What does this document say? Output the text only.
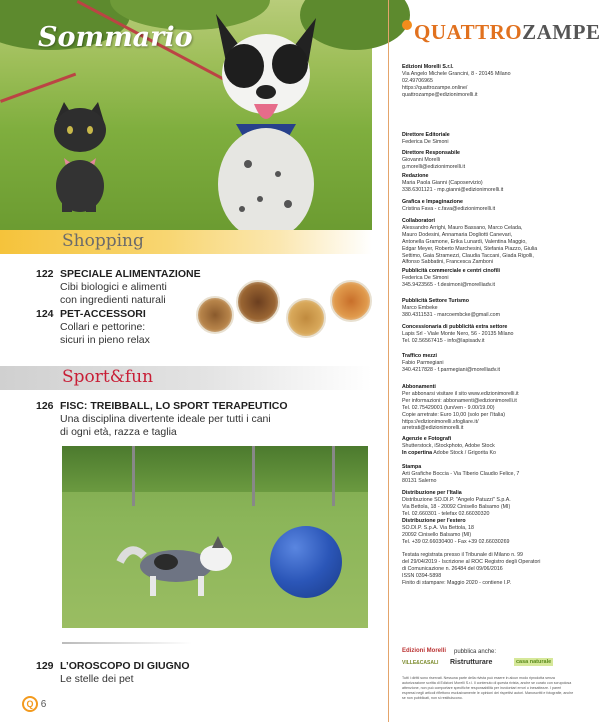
Sommario
Shopping
122 SPECIALE ALIMENTAZIONE
Cibi biologici e alimenti
con ingredienti naturali
124 PET-ACCESSORI
Collari e pettorine:
sicuri in pieno relax
Sport&fun
126 FISC: TREIBBALL, LO SPORT TERAPEUTICO
Una disciplina divertente ideale per tutti i cani
di ogni età, razza e taglia
129 L’OROSCOPO DI GIUGNO
Le stelle dei pet
Q 6
QUATTROZAMPE
Edizioni Morelli S.r.l.
Via Angelo Michele Grancini, 8 - 20145 Milano
02.49706965
https://quattrozampe.online/
quattrozampe@edizionimorelli.it
Direttore Editoriale
Federica De Simoni
Direttore Responsabile
Giovanni Morelli
g.morelli@edizionimorelli.it
Redazione
Maria Paola Gianni (Caposervizio)
338.6301121 - mp.gianni@edizionimorelli.it
Grafica e Impaginazione
Cristina Fava - c.fava@edizionimorelli.it
Collaboratori
Alessandro Arrighi, Mauro Bassano, Marco Celada,
Mauro Dodesini, Annamaria Dogliotti Canevari,
Antonella Gramone, Erika Lunardi, Valentina Maggio,
Edgar Meyer, Roberto Marchesini, Stefania Piazzo, Giulia
Settimo, Gaia Stramezzi, Claudia Taccani, Giada Rigolli,
Alfonso Sabbatini, Francesca Zamboni
Pubblicità commerciale e centri cinofili
Federica De Simoni
345.9423565 - f.desimoni@morelliadv.it
Pubblicità Settore Turismo
Marco Embeke
380.4311531 - marcoembcke@gmail.com
Concessionaria di pubblicità extra settore
Lapis Srl - Viale Monte Nero, 56 - 20135 Milano
Tel. 02.56567415 - info@lapisadv.it
Traffico mezzi
Fabio Parmegiani
340.4217828 - f.parmegiani@morelliadv.it
Abbonamenti
Per abbonarsi visitare il sito www.edizionimorelli.it
Per informazioni: abbonamenti@edizionimorelli.it
Tel. 02.75429001 (lun/ven - 9.00/19.00)
Copie arretrate: Euro 10,00 (solo per l’Italia)
https://edizionimorelli.sfogliare.it/
arretrati@edizionimorelli.it
Agenzie e Fotografi
Shutterstock, iStockphoto, Adobe Stock
In copertina Adobe Stock / Grigorita Ko
Stampa
Arti Grafiche Boccia - Via Tiberio Claudio Felice, 7
80131 Salerno
Distribuzione per l’Italia
Distribuzione SO.DI.P. "Angelo Patuzzi" S.p.A.
Via Bettola, 18 - 20092 Cinisello Balsamo (MI)
Tel. 02.660301 - telefax 02.66030320
Distribuzione per l’estero
SO.DI.P. S.p.A. Via Bettola, 18
20092 Cinisello Balsamo (MI)
Tel. +39 02.66030400 - Fax +39 02.66030269
Testata registrata presso il Tribunale di Milano n. 99
del 29/04/2019 - Iscrizione al ROC Registro degli Operatori
di Comunicazione n. 26484 del 09/06/2016
ISSN 0394-5898
Finito di stampare: Maggio 2020 - contiene I.P.
Edizioni Morelli pubblica anche:
VILLE&CASALI Ristrutturare	casa naturale
Tutti i diritti sono riservati. Nessuna parte della rivista può essere in alcun modo riprodotta senza autorizzazione scritta di Edizioni Morelli S.r.l. Il contenuto di questa rivista, anche se curato con scrupolosa attenzione, non può comportare specifiche responsabilità per involontari errori o inesattezze. I pareri espressi negli articoli riflettono esclusivamente le opinioni dei rispettivi autori. Manoscritti e fotografie, anche se non pubblicati, non si restituiscono.
